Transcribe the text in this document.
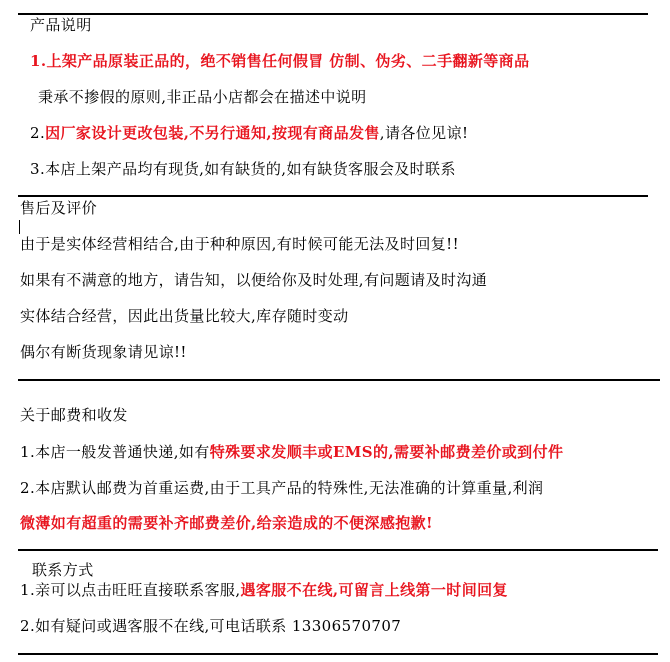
产品说明
1.上架产品原装正品的，绝不销售任何假冒 仿制、伪劣、二手翻新等商品
秉承不掺假的原则,非正品小店都会在描述中说明
2.因厂家设计更改包装,不另行通知,按现有商品发售,请各位见谅!
3.本店上架产品均有现货,如有缺货的,如有缺货客服会及时联系
售后及评价
由于是实体经营相结合,由于种种原因,有时候可能无法及时回复!!
如果有不满意的地方，请告知，以便给你及时处理,有问题请及时沟通
实体结合经营，因此出货量比较大,库存随时变动
偶尔有断货现象请见谅!!
关于邮费和收发
1.本店一般发普通快递,如有特殊要求发顺丰或EMS的,需要补邮费差价或到付件
2.本店默认邮费为首重运费,由于工具产品的特殊性,无法准确的计算重量,利润
微薄如有超重的需要补齐邮费差价,给亲造成的不便深感抱歉!
联系方式
1.亲可以点击旺旺直接联系客服,遇客服不在线,可留言上线第一时间回复
2.如有疑问或遇客服不在线,可电话联系 13306570707
